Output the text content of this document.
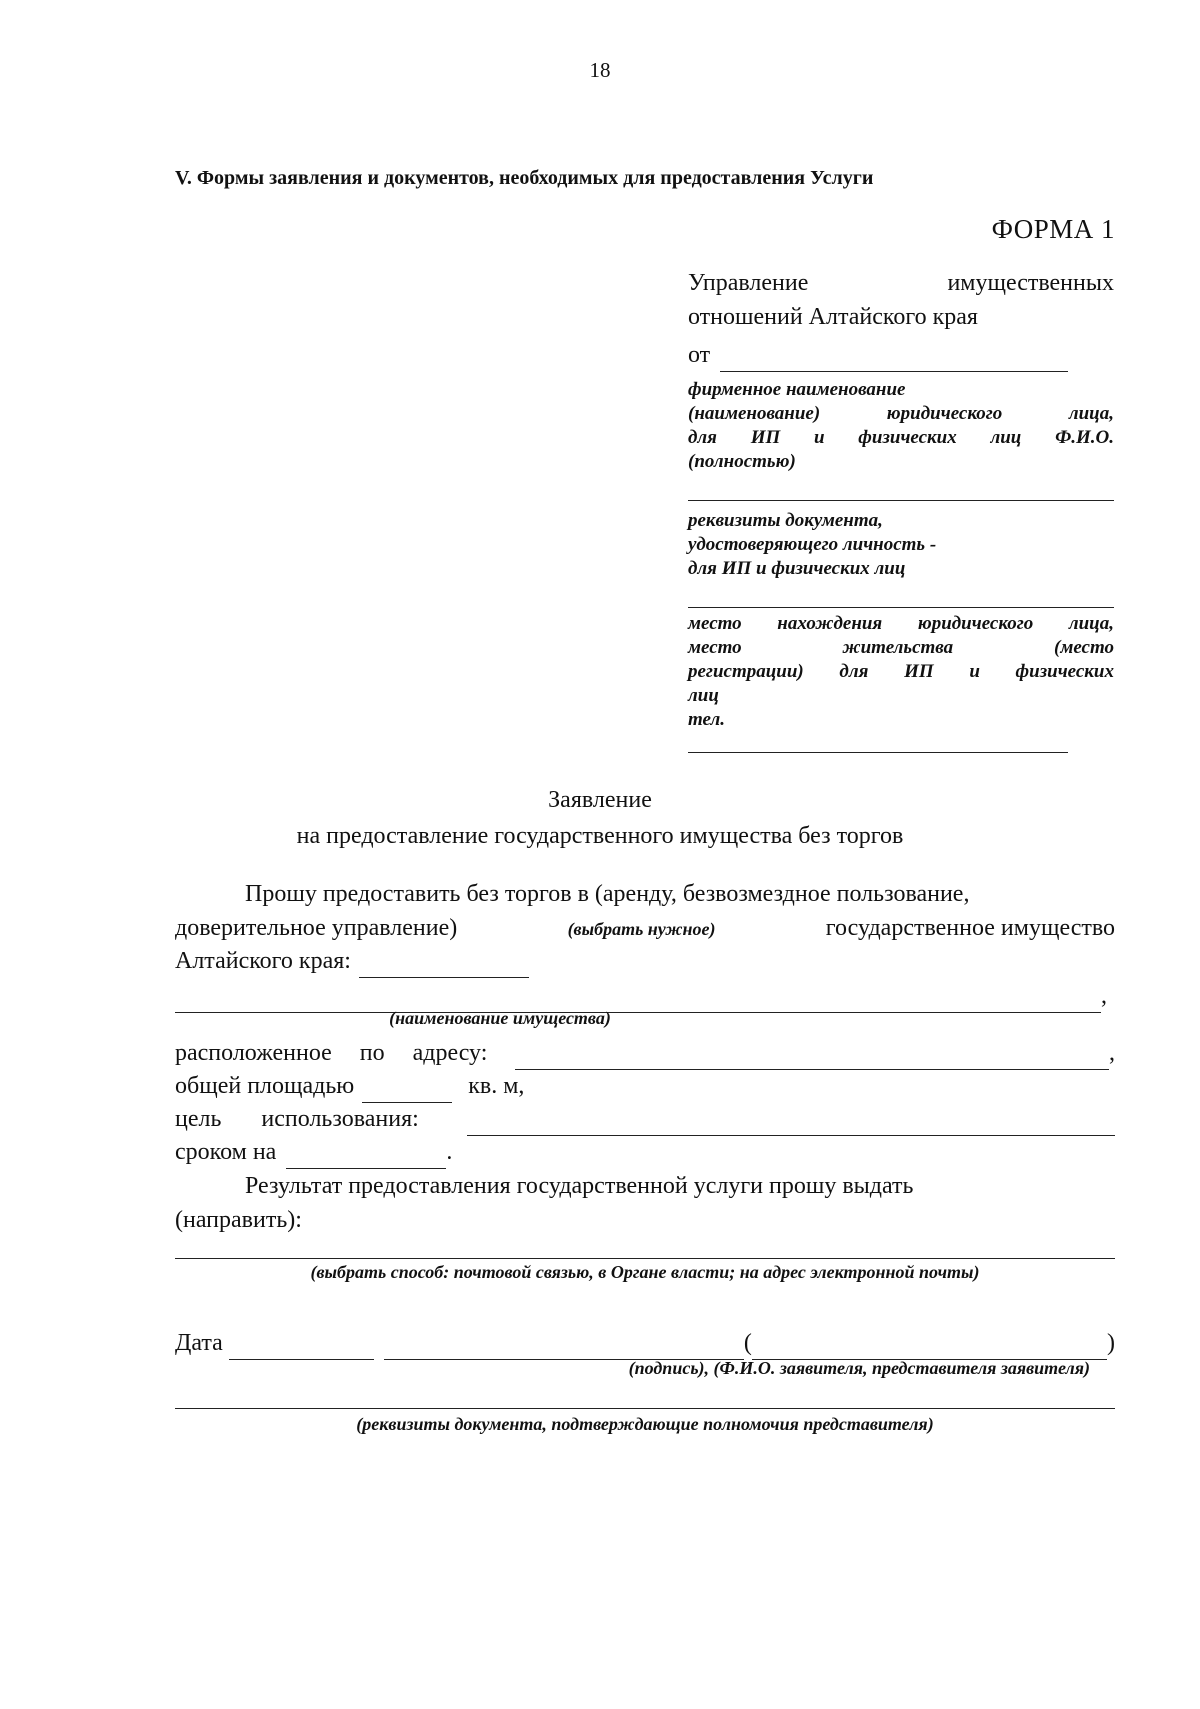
18
V. Формы заявления и документов, необходимых для предоставления Услуги
ФОРМА 1
Управление	имущественных
отношений Алтайского края
от
фирменное наименование
(наименование) юридического лица,
для ИП и физических лиц Ф.И.О.
(полностью)
реквизиты документа,
удостоверяющего личность -
для ИП и физических лиц
место нахождения юридического лица,
место жительства (место
регистрации) для ИП и физических
лиц
тел.
Заявление
на предоставление государственного имущества без торгов
Прошу предоставить без торгов в (аренду, безвозмездное пользование,
доверительное управление)	(выбрать нужное)	государственное имущество
Алтайского края:
,
(наименование имущества)
расположенное по адресу:	,
общей площадью	кв. м,
цель использования:
сроком на	.
Результат предоставления государственной услуги прошу выдать
(направить):
(выбрать способ: почтовой связью, в Органе власти; на адрес электронной почты)
Дата	(	)
(подпись), (Ф.И.О. заявителя, представителя заявителя)
(реквизиты документа, подтверждающие полномочия представителя)
